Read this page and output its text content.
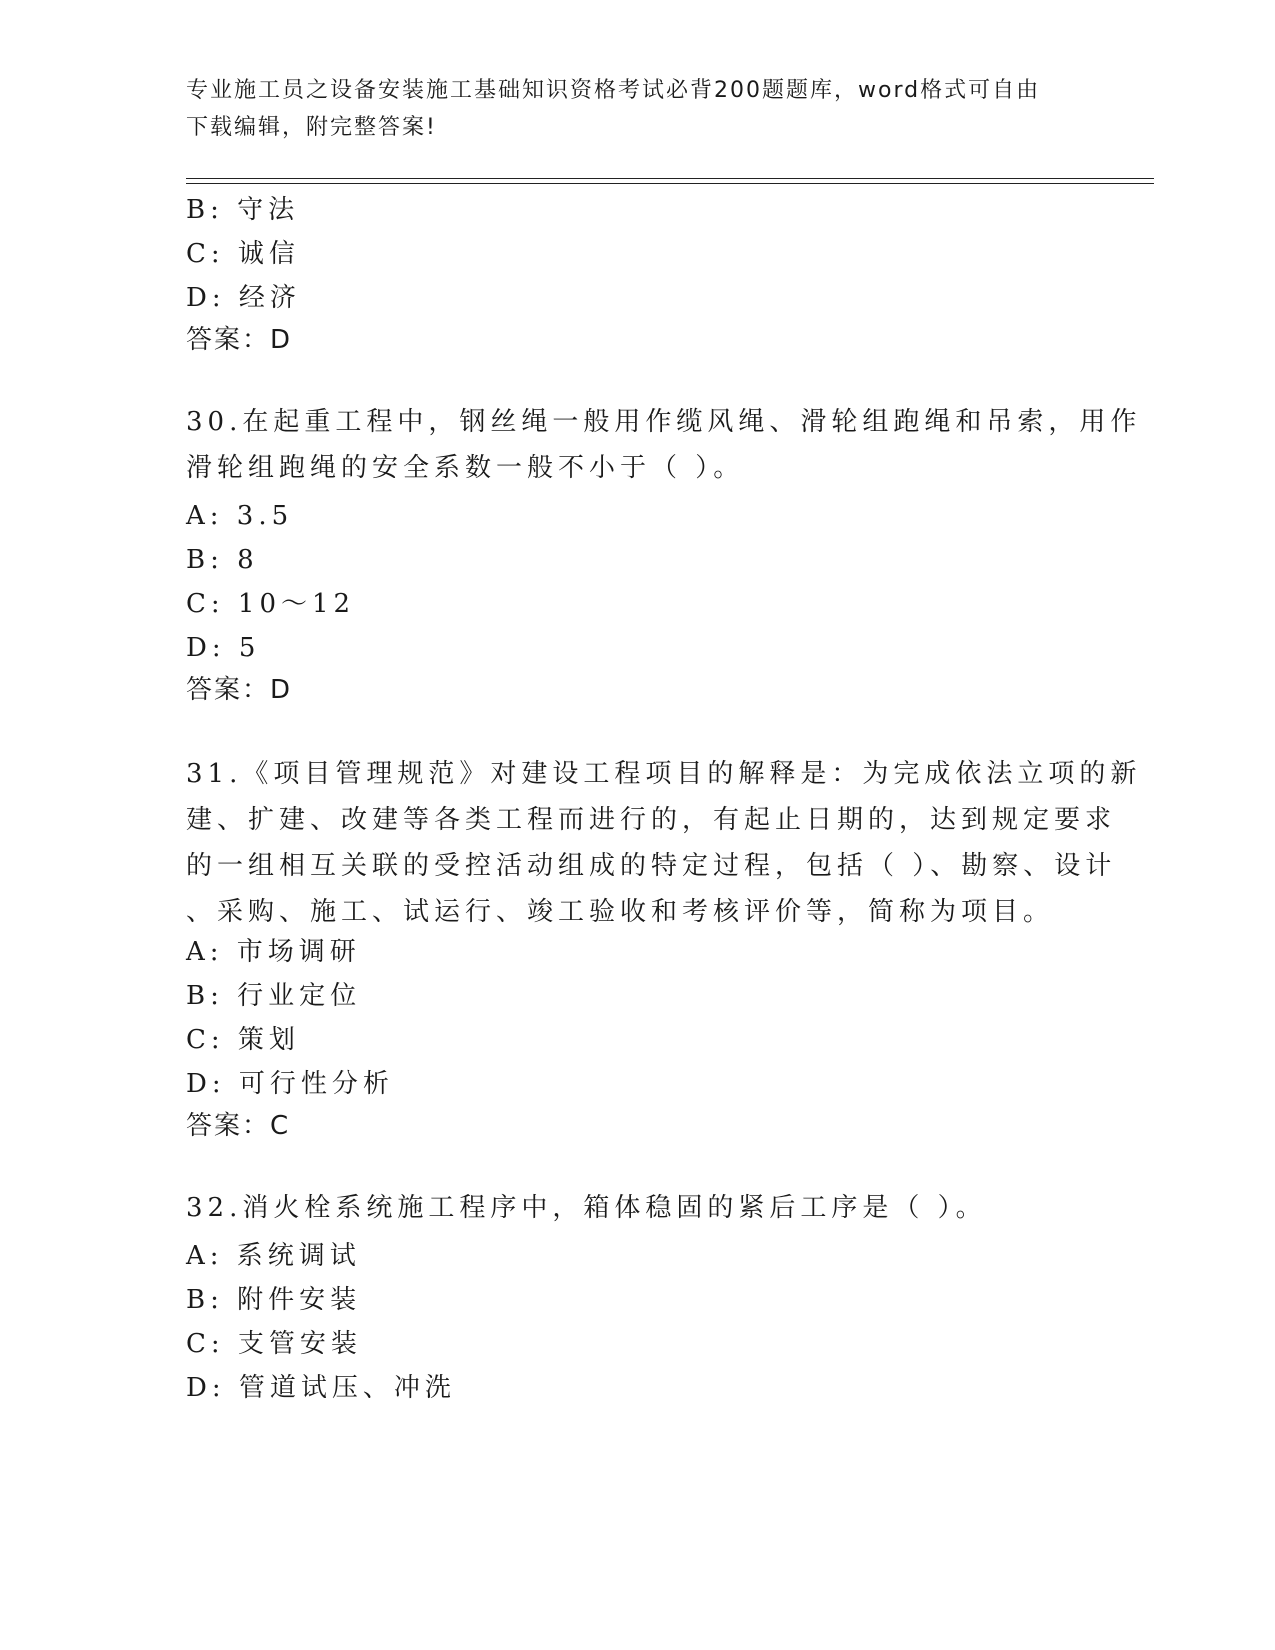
专业施工员之设备安装施工基础知识资格考试必背200题题库，word格式可自由
下载编辑，附完整答案!
B: 守法
C: 诚信
D: 经济
答案：D
30.在起重工程中，钢丝绳一般用作缆风绳、滑轮组跑绳和吊索，用作
滑轮组跑绳的安全系数一般不小于（ ）。
A: 3.5
B: 8
C: 10～12
D: 5
答案：D
31.《项目管理规范》对建设工程项目的解释是：为完成依法立项的新
建、扩建、改建等各类工程而进行的，有起止日期的，达到规定要求
的一组相互关联的受控活动组成的特定过程，包括（ ）、勘察、设计
、采购、施工、试运行、竣工验收和考核评价等，简称为项目。
A: 市场调研
B: 行业定位
C: 策划
D: 可行性分析
答案：C
32.消火栓系统施工程序中，箱体稳固的紧后工序是（ ）。
A: 系统调试
B: 附件安装
C: 支管安装
D: 管道试压、冲洗
